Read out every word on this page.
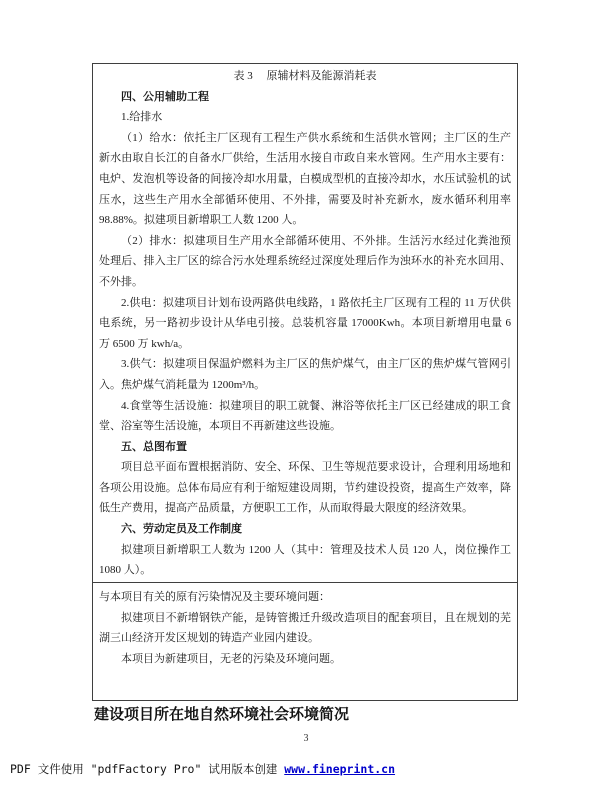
表 3　 原辅材料及能源消耗表

四、公用辅助工程

1.给排水

（1）给水：依托主厂区现有工程生产供水系统和生活供水管网；主厂区的生产新水由取自长江的自备水厂供给，生活用水接自市政自来水管网。生产用水主要有：电炉、发泡机等设备的间接冷却水用量，白模成型机的直接冷却水，水压试验机的试压水，这些生产用水全部循环使用、不外排，需要及时补充新水，废水循环利用率 98.88%。拟建项目新增职工人数 1200 人。

（2）排水：拟建项目生产用水全部循环使用、不外排。生活污水经过化粪池预处理后、排入主厂区的综合污水处理系统经过深度处理后作为浊环水的补充水回用、不外排。

2.供电：拟建项目计划布设两路供电线路，1 路依托主厂区现有工程的 11 万伏供电系统，另一路初步设计从华电引接。总装机容量 17000Kwh。本项目新增用电量 6 万 6500 万 kwh/a。

3.供气：拟建项目保温炉燃料为主厂区的焦炉煤气，由主厂区的焦炉煤气管网引入。焦炉煤气消耗量为 1200m³/h。

4.食堂等生活设施：拟建项目的职工就餐、淋浴等依托主厂区已经建成的职工食堂、浴室等生活设施，本项目不再新建这些设施。

五、总图布置

项目总平面布置根据消防、安全、环保、卫生等规范要求设计，合理利用场地和各项公用设施。总体布局应有利于缩短建设周期，节约建设投资，提高生产效率，降低生产费用，提高产品质量，方便职工工作，从而取得最大限度的经济效果。

六、劳动定员及工作制度

拟建项目新增职工人数为 1200 人（其中：管理及技术人员 120 人，岗位操作工 1080 人）。

与本项目有关的原有污染情况及主要环境问题：

拟建项目不新增钢铁产能，是铸管搬迁升级改造项目的配套项目，且在规划的芜湖三山经济开发区规划的铸造产业园内建设。

本项目为新建项目，无老的污染及环境问题。

建设项目所在地自然环境社会环境简况
3
PDF 文件使用 "pdfFactory Pro" 试用版本创建 www.fineprint.cn
